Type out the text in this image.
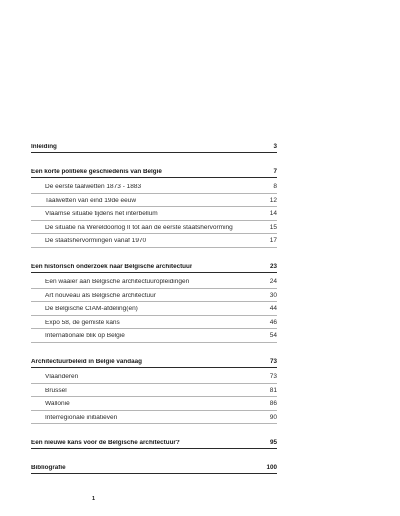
Inleiding	3
Een korte politieke geschiedenis van België	7
De eerste taalwetten 1873 - 1883	8
Taalwetten van eind 19de eeuw	12
Vlaamse situatie tijdens het interbellum	14
De situatie na Wereldoorlog II tot aan de eerste staatshervorming	15
De staatshervormingen vanaf 1970	17
Een historisch onderzoek naar Belgische architectuur	23
Een waaier aan Belgische architectuuropleidingen	24
Art nouveau als Belgische architectuur	30
De Belgische CIAM-afdeling(en)	44
Expo 58, de gemiste kans	46
Internationale blik op België	54
Architectuurbeleid in België vandaag	73
Vlaanderen	73
Brussel	81
Wallonië	86
Interregionale initiatieven	90
Een nieuwe kans voor de Belgische architectuur?	95
Bibliografie	100
1
